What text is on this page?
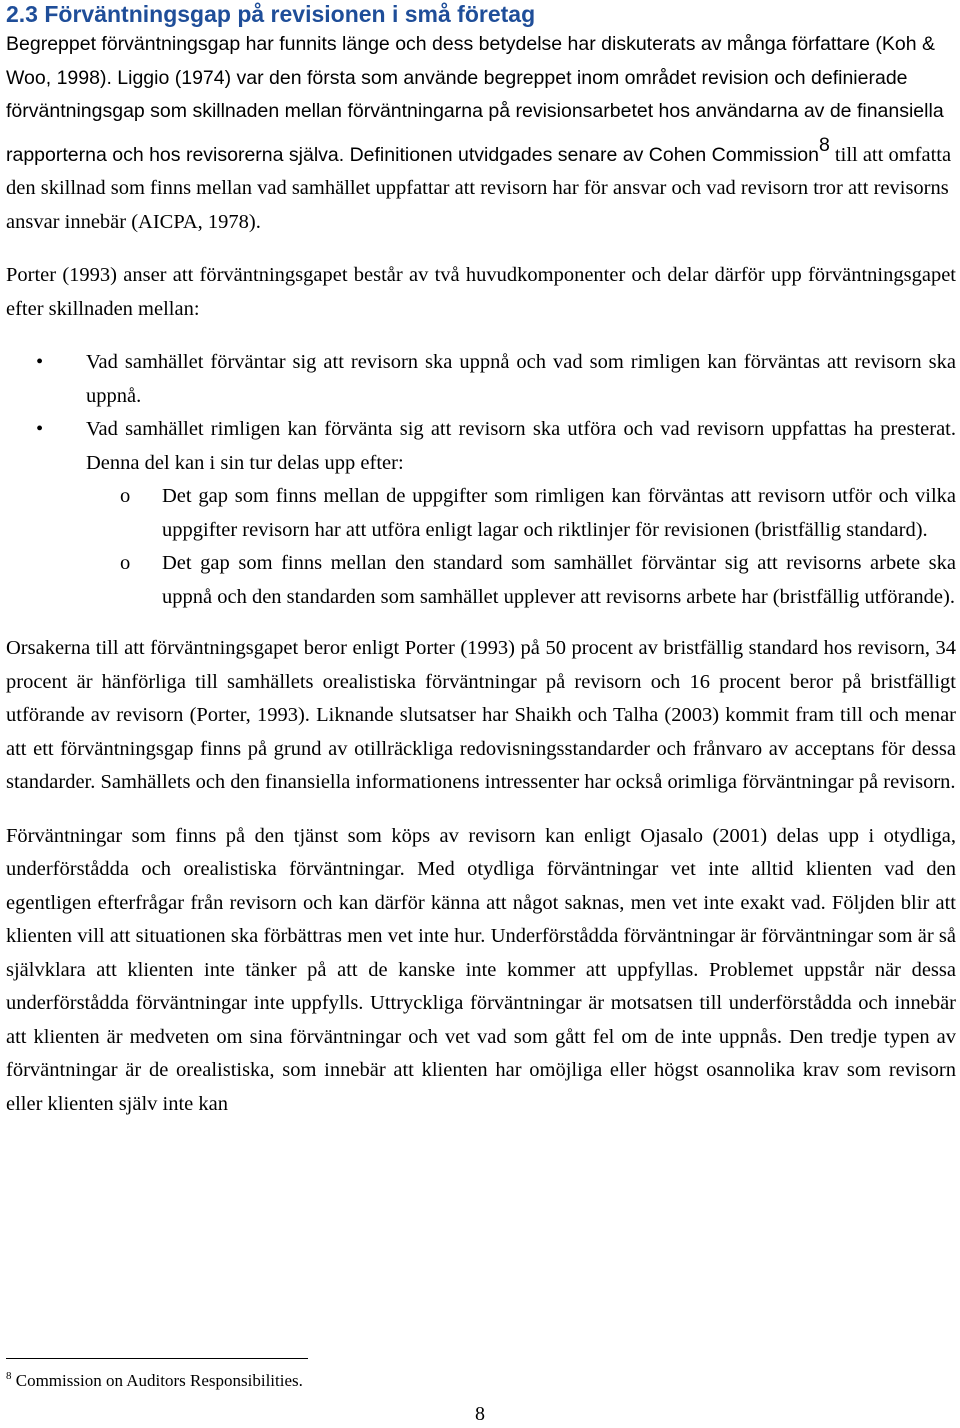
2.3 Förväntningsgap på revisionen i små företag

Begreppet förväntningsgap har funnits länge och dess betydelse har diskuterats av många författare (Koh & Woo, 1998). Liggio (1974) var den första som använde begreppet inom området revision och definierade förväntningsgap som skillnaden mellan förväntningarna på revisionsarbetet hos användarna av de finansiella rapporterna och hos revisorerna själva. Definitionen utvidgades senare av Cohen Commission$^8$ till att omfatta den skillnad som finns mellan vad samhället uppfattar att revisorn har för ansvar och vad revisorn tror att revisorns ansvar innebär (AICPA, 1978).

Porter (1993) anser att förväntningsgapet består av två huvudkomponenter och delar därför upp förväntningsgapet efter skillnaden mellan:

• Vad samhället förväntar sig att revisorn ska uppnå och vad som rimligen kan förväntas att revisorn ska uppnå.
• Vad samhället rimligen kan förvänta sig att revisorn ska utföra och vad revisorn uppfattas ha presterat. Denna del kan i sin tur delas upp efter:
o Det gap som finns mellan de uppgifter som rimligen kan förväntas att revisorn utför och vilka uppgifter revisorn har att utföra enligt lagar och riktlinjer för revisionen (bristfällig standard).
o Det gap som finns mellan den standard som samhället förväntar sig att revisorns arbete ska uppnå och den standarden som samhället upplever att revisorns arbete har (bristfällig utförande).

Orsakerna till att förväntningsgapet beror enligt Porter (1993) på 50 procent av bristfällig standard hos revisorn, 34 procent är hänförliga till samhällets orealistiska förväntningar på revisorn och 16 procent beror på bristfälligt utförande av revisorn (Porter, 1993). Liknande slutsatser har Shaikh och Talha (2003) kommit fram till och menar att ett förväntningsgap finns på grund av otillräckliga redovisningsstandarder och frånvaro av acceptans för dessa standarder. Samhällets och den finansiella informationens intressenter har också orimliga förväntningar på revisorn.

Förväntningar som finns på den tjänst som köps av revisorn kan enligt Ojasalo (2001) delas upp i otydliga, underförstådda och orealistiska förväntningar. Med otydliga förväntningar vet inte alltid klienten vad den egentligen efterfrågar från revisorn och kan därför känna att något saknas, men vet inte exakt vad. Följden blir att klienten vill att situationen ska förbättras men vet inte hur. Underförstådda förväntningar är förväntningar som är så självklara att klienten inte tänker på att de kanske inte kommer att uppfyllas. Problemet uppstår när dessa underförstådda förväntningar inte uppfylls. Uttryckliga förväntningar är motsatsen till underförstådda och innebär att klienten är medveten om sina förväntningar och vet vad som gått fel om de inte uppnås. Den tredje typen av förväntningar är de orealistiska, som innebär att klienten har omöjliga eller högst osannolika krav som revisorn eller klienten själv inte kan

$^8$ Commission on Auditors Responsibilities.
8
